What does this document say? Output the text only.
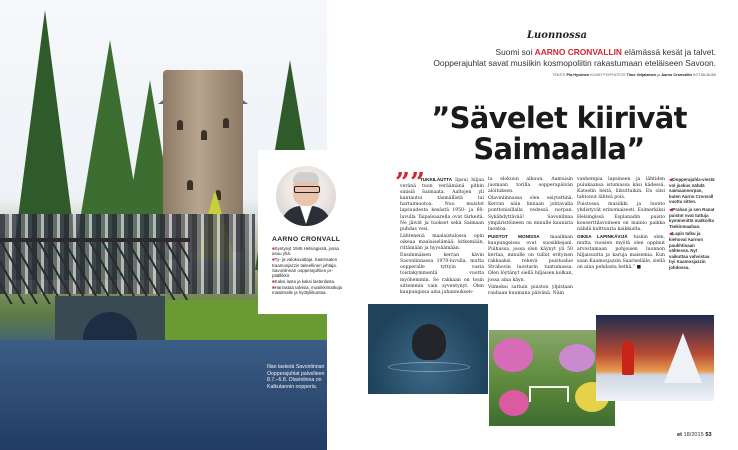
Illan lasketä Savonlinnan Oopperajuhlat palvelleen 8.7.–6.8. Olavinlinna on Kalkutannin oopperia.
AARNO CRONVALL
■ Syntynyt 1945 Helsingissä, jossa asuu yhä.
■ Ty- ja valokuvattaja. Saarnsaten Kaamosjazzin taiteellinen johtaja. Savonlinnan oopperajuhlien pr-päällikkö.
■ Kaksi lasta ja kaksi lastenlasta.
■ Harrastaa talvisia, musiikkimatkoja maailmalle ja hyötyliikuntaa.
Luonnossa
Suomi soi AARNO CRONVALLIN elämässä kesät ja talvet.
Oopperajuhlat savat musiikin kosmopoliitin rakastumaan eteläiseen Savoon.
TEKSTI Pia Hyvönen KUVAT PIXPHOTOS Timo Veijalainen ja Aarno Cronvallin KOTIALBUMI
”Sävelet kiirivät
Saimaalla”
””

TUKKILAUTTA lipsui hiljaa veränä tuon veräämänä pitkin sinisiä Saimaata. Aaltojen yli kantautui täsmällistä tai hartaimuotoa. Nuo muistot lapsuudesta kesästä 1950- ja 60-luvulla Taipalsaarella ovat tärkeitä. Ne jäivät ja tuokset sekä Saimaan puhdas vesi.

Lähtenenä maalaistalossa opin oikeaa maalaiselämää: kitkemään, rittämään ja hyysäämään.

Ensimmäisen kerran kävin Savonlinnassa 1970-luvulla, mutta oopperalle tyttyin vasta toistakymmentä vuotta myöhemmin. Se rakkaan on tosin sittemmin vain syventynyt. Olen kaupungissa aina juhannuksen-

ta elokuun alkuun. Aamuisin juomaan torilla oopperapäivän aloituksen.

Olavinlinnassa olen esiytettinä. Kerran näin linnaan johtavalla ponttonisillalla vedessä norpan. Sykähdyttävää! Savonlinna ympäristöineen on minulle kaunista luontoa.

PUISTOT MONISSA maailman kaupungeissa ovat suosikkejani. Puihussa, jossa olen käynyt yli 50 kertaa, minulle on tullut erityisen rakkaaksi rehevä puistoalue Strahovin luostarin tuntumassa. Olen löytänyt siellä hiljaisen kolkan, jossa aina käyn.

Viimeksi sattuin puiston ylpistaan rauhaan kuumana päivänä. Näin

vanhempia lapsineen ja lähtiden puiukaansa istumassa käsi kädessä. Katselin heitä, liikuttuikin. En olisi tahtonut lähteä pois.

Puistossa musiikki ja luonto yhdistyvät erinomaisesti. Esimerkiksi Helsingissä Esplanadin puisto konserttilavoineen on mainio paikka nähdä kulttuuria kaikkialta.

OIKEA LAPINKÄVIJÄ tuskin olen, mutta vuosien myötä olen oppinut arvostamaan pohjoisen luonnon hiljaisuutta ja karuja maisemia. Kun saan Kaamosjazzin Saariselälle, siellä on aina pehdasta hetkä.” ■

◀ Oopperajuhla-viestä vol joskus nähdä saimaannorpan, kuten Aarno Cronvall vuotta sitten.

◀ Prahan ja sen Ranat puistot ovat tuttuja kymmenittä matkoilta Tsekinmaahan.

◀ Lapin talku ja kiehoval Aarnon paukhtinaan vähtessä. Nyt vaikuttaa vahvistaa hyi Kaamosjazzin johdossa.

et 18/2015 53
